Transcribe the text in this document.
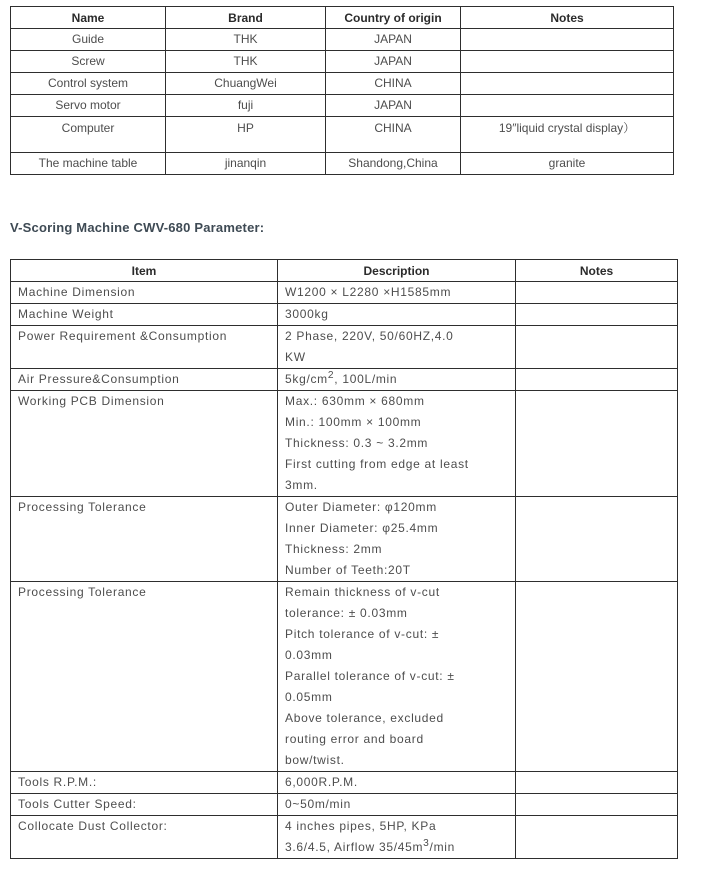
Name	Brand	Country of origin	Notes
Guide	THK	JAPAN	
Screw	THK	JAPAN	
Control system	ChuangWei	CHINA	
Servo motor	fuji	JAPAN	
Computer	HP	CHINA	19″liquid crystal display）
The machine table	jinanqin	Shandong,China	granite
V-Scoring Machine CWV-680 Parameter:
Item	Description	Notes
Machine Dimension	W1200 × L2280 ×H1585mm	

Machine Weight	3000kg	

Power Requirement &Consumption	2 Phase, 220V, 50/60HZ,4.0
KW	

Air Pressure&Consumption	$5kg/cm^2$, 100L/min	

Working PCB Dimension	Max.: 630mm × 680mm
Min.: 100mm × 100mm
Thickness: 0.3 ~ 3.2mm
First cutting from edge at least
3mm.	

Processing Tolerance	Outer Diameter: φ120mm
Inner Diameter: φ25.4mm
Thickness: 2mm
Number of Teeth:20T	

Processing Tolerance	Remain thickness of v-cut
tolerance: ± 0.03mm
Pitch tolerance of v-cut: ±
0.03mm
Parallel tolerance of v-cut: ±
0.05mm
Above tolerance, excluded
routing error and board
bow/twist.

Tools R.P.M.:	6,000R.P.M.	

Tools Cutter Speed:	0~50m/min	

Collocate Dust Collector:	4 inches pipes, 5HP, KPa
3.6/4.5, Airflow $35/45m^3/\min$	
